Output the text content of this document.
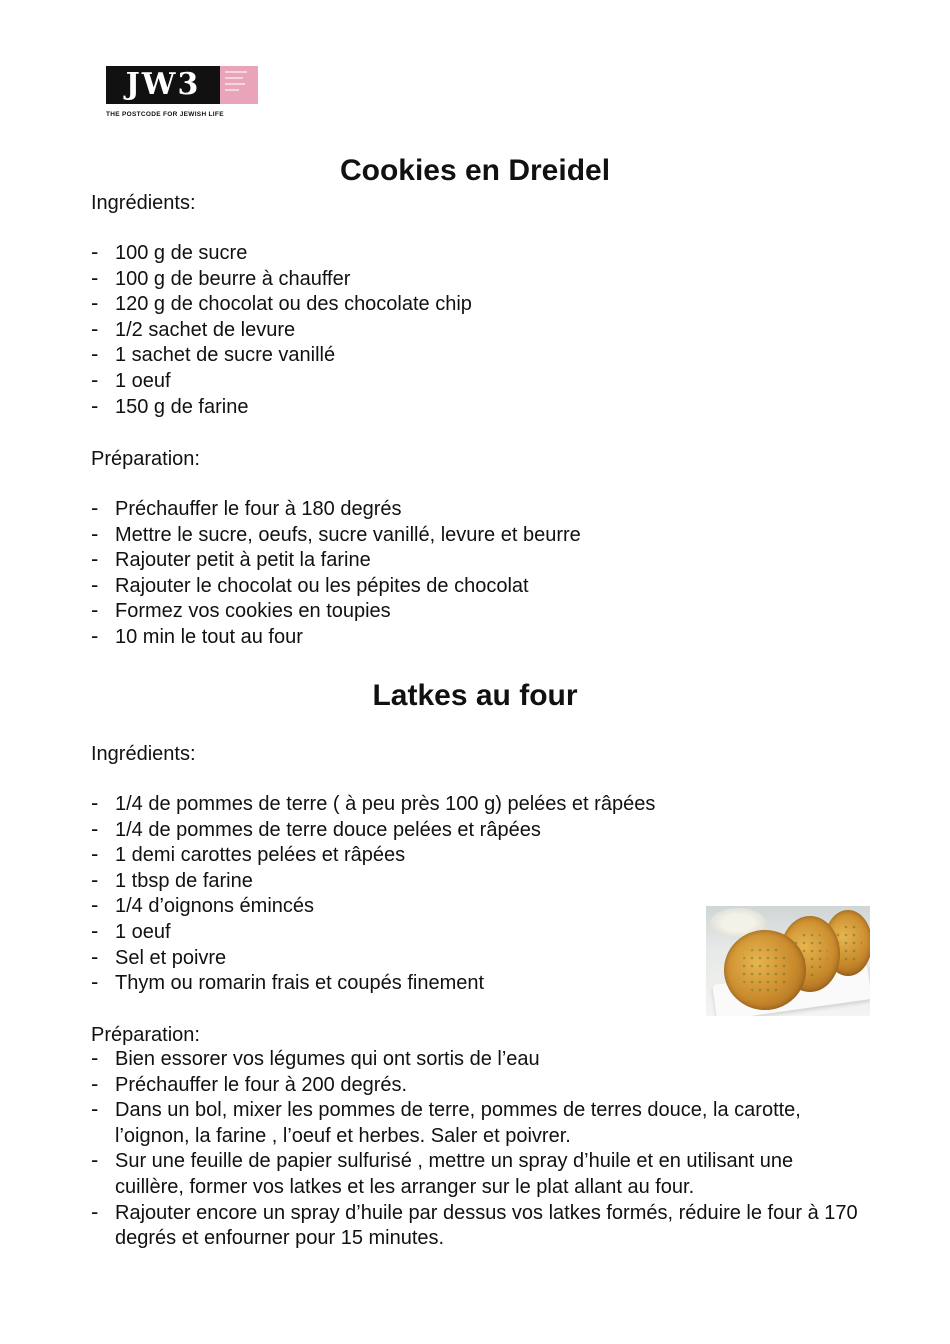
JW3
THE POSTCODE FOR JEWISH LIFE
Cookies en Dreidel

Ingrédients:

- 100 g de sucre
- 100 g de beurre à chauffer
- 120 g de chocolat ou des chocolate chip
- 1/2 sachet de levure
- 1 sachet de sucre vanillé
- 1 oeuf
- 150 g de farine

Préparation:

- Préchauffer le four à 180 degrés
- Mettre le sucre, oeufs, sucre vanillé, levure et beurre
- Rajouter petit à petit la farine
- Rajouter le chocolat ou les pépites de chocolat
- Formez vos cookies en toupies
- 10 min le tout au four
Latkes au four

Ingrédients:

- 1/4 de pommes de terre ( à peu près 100 g) pelées et râpées
- 1/4 de pommes de terre douce pelées et râpées
- 1 demi carottes pelées et râpées
- 1 tbsp de farine
- 1/4 d’oignons émincés
- 1 oeuf
- Sel et poivre
- Thym ou romarin frais et coupés finement

Préparation:

- Bien essorer vos légumes qui ont sortis de l’eau
- Préchauffer le four à 200 degrés.
- Dans un bol, mixer les pommes de terre, pommes de terres douce, la carotte, l’oignon, la farine , l’oeuf et herbes. Saler et poivrer.
- Sur une feuille de papier sulfurisé , mettre un spray d’huile et en utilisant une cuillère, former vos latkes et les arranger sur le plat allant au four.
- Rajouter encore un spray d’huile par dessus vos latkes formés, réduire le four à 170 degrés et enfourner pour 15 minutes.
